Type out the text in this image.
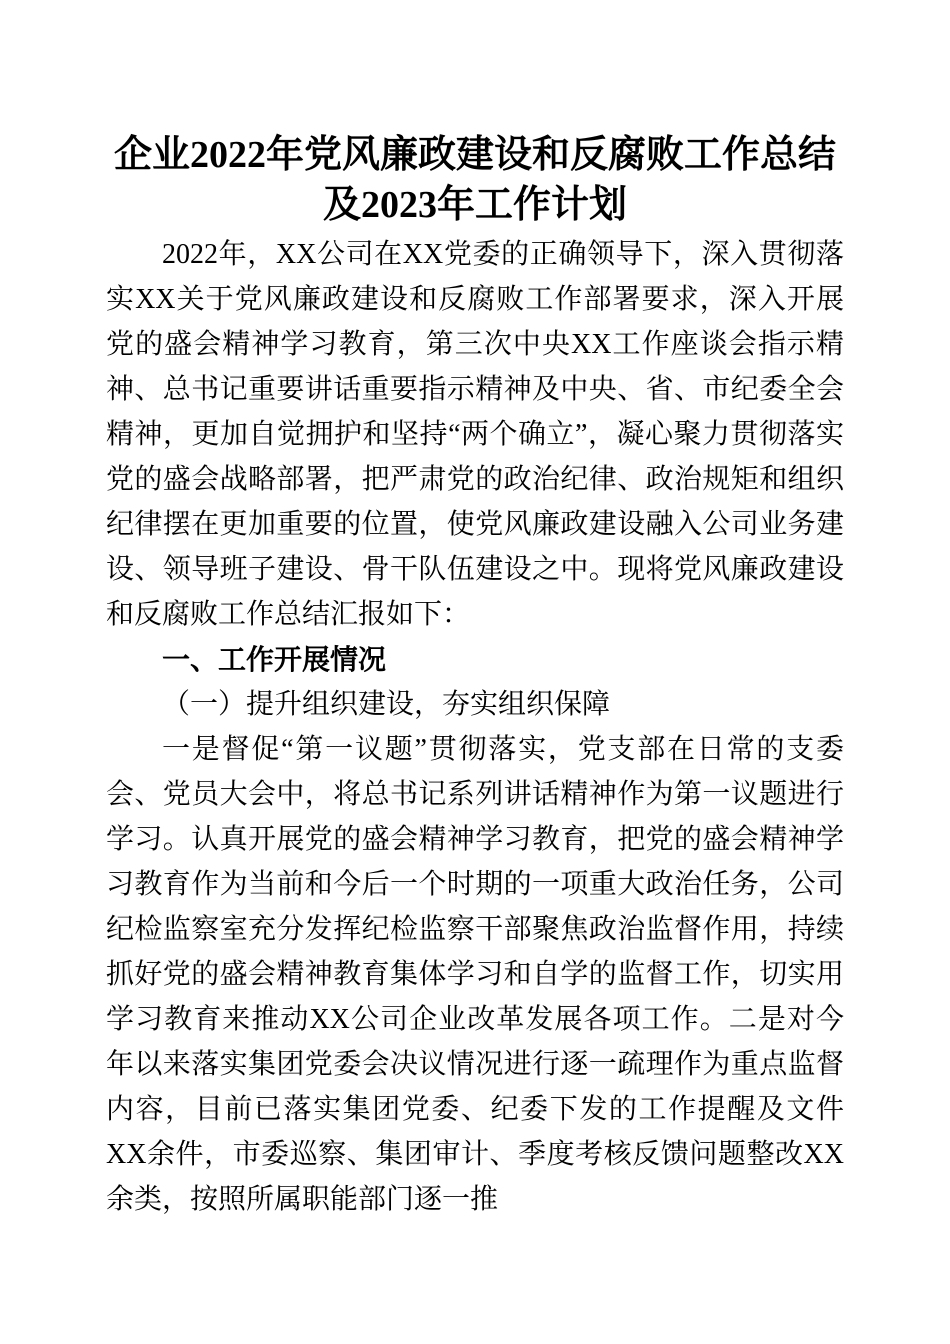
企业2022年党风廉政建设和反腐败工作总结及2023年工作计划

2022年，XX公司在XX党委的正确领导下，深入贯彻落实XX关于党风廉政建设和反腐败工作部署要求，深入开展党的盛会精神学习教育，第三次中央XX工作座谈会指示精神、总书记重要讲话重要指示精神及中央、省、市纪委全会精神，更加自觉拥护和坚持“两个确立”，凝心聚力贯彻落实党的盛会战略部署，把严肃党的政治纪律、政治规矩和组织纪律摆在更加重要的位置，使党风廉政建设融入公司业务建设、领导班子建设、骨干队伍建设之中。现将党风廉政建设和反腐败工作总结汇报如下：

一、工作开展情况
（一）提升组织建设，夯实组织保障

一是督促“第一议题”贯彻落实，党支部在日常的支委会、党员大会中，将总书记系列讲话精神作为第一议题进行学习。认真开展党的盛会精神学习教育，把党的盛会精神学习教育作为当前和今后一个时期的一项重大政治任务，公司纪检监察室充分发挥纪检监察干部聚焦政治监督作用，持续抓好党的盛会精神教育集体学习和自学的监督工作，切实用学习教育来推动XX公司企业改革发展各项工作。二是对今年以来落实集团党委会决议情况进行逐一疏理作为重点监督内容，目前已落实集团党委、纪委下发的工作提醒及文件XX余件，市委巡察、集团审计、季度考核反馈问题整改XX余类，按照所属职能部门逐一推
